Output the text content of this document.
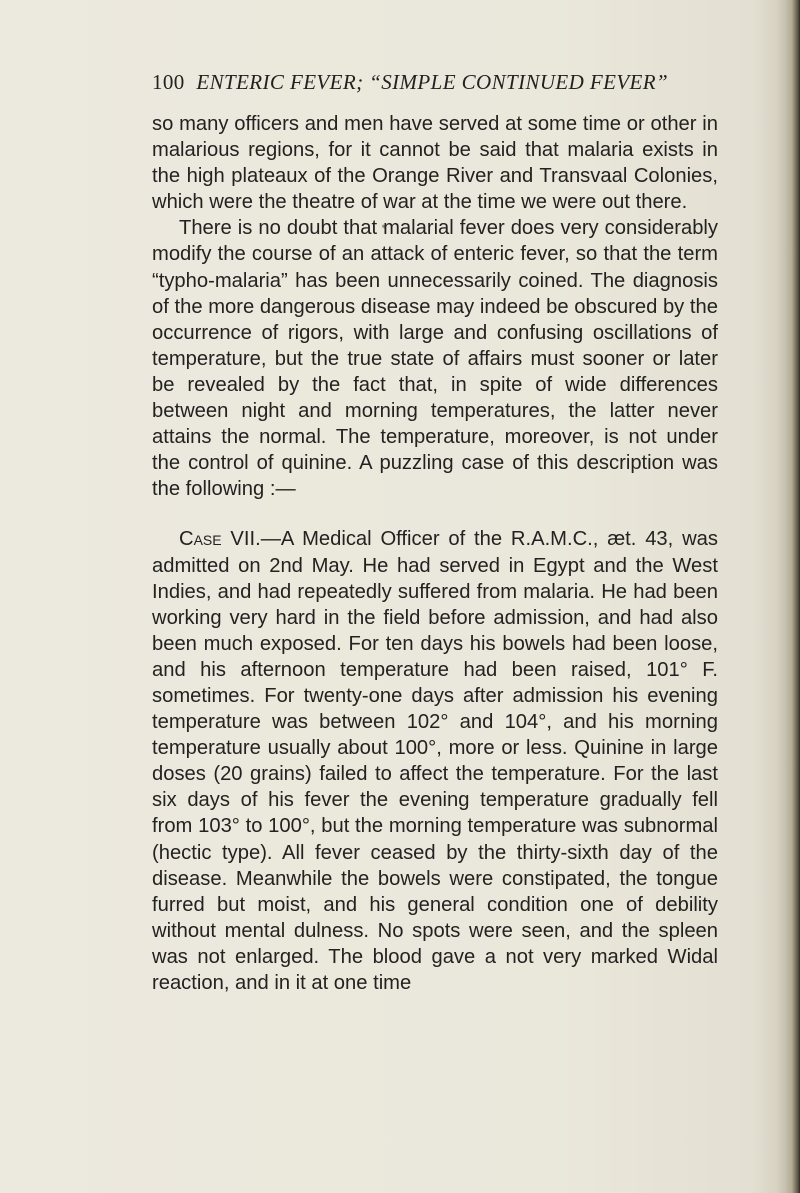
100 ENTERIC FEVER; “SIMPLE CONTINUED FEVER”

so many officers and men have served at some time or other in malarious regions, for it cannot be said that malaria exists in the high plateaux of the Orange River and Transvaal Colonies, which were the theatre of war at the time we were out there.

There is no doubt that malarial fever does very considerably modify the course of an attack of enteric fever, so that the term “typho-malaria” has been unnecessarily coined. The diagnosis of the more dangerous disease may indeed be obscured by the occurrence of rigors, with large and confusing oscillations of temperature, but the true state of affairs must sooner or later be revealed by the fact that, in spite of wide differences between night and morning temperatures, the latter never attains the normal. The temperature, moreover, is not under the control of quinine. A puzzling case of this description was the following :—

Case VII.—A Medical Officer of the R.A.M.C., æt. 43, was admitted on 2nd May. He had served in Egypt and the West Indies, and had repeatedly suffered from malaria. He had been working very hard in the field before admission, and had also been much exposed. For ten days his bowels had been loose, and his afternoon temperature had been raised, 101° F. sometimes. For twenty-one days after admission his evening temperature was between 102° and 104°, and his morning temperature usually about 100°, more or less. Quinine in large doses (20 grains) failed to affect the temperature. For the last six days of his fever the evening temperature gradually fell from 103° to 100°, but the morning temperature was subnormal (hectic type). All fever ceased by the thirty-sixth day of the disease. Meanwhile the bowels were constipated, the tongue furred but moist, and his general condition one of debility without mental dulness. No spots were seen, and the spleen was not enlarged. The blood gave a not very marked Widal reaction, and in it at one time
